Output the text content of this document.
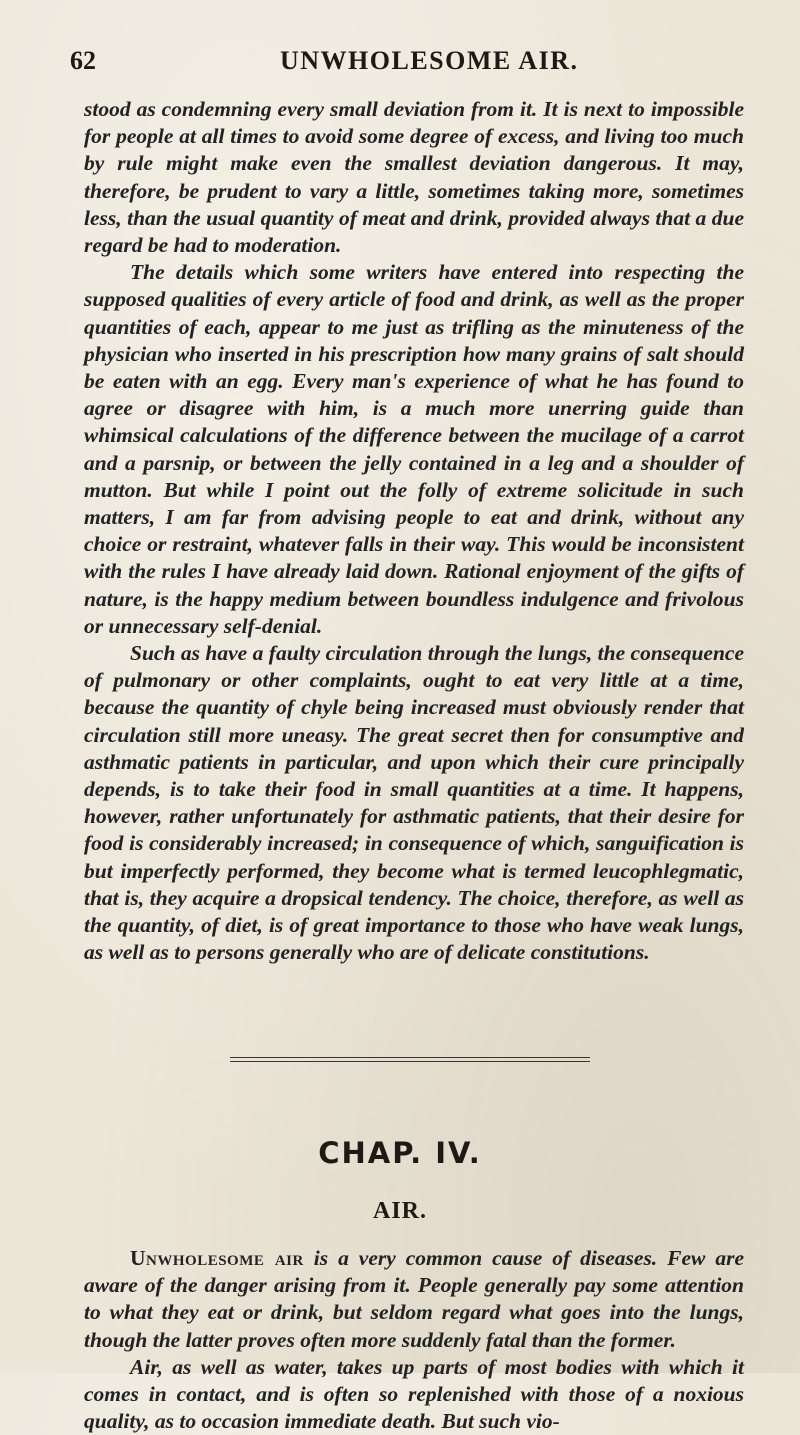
62	UNWHOLESOME AIR.

stood as condemning every small deviation from it. It is next to impossible for people at all times to avoid some degree of excess, and living too much by rule might make even the smallest deviation dangerous. It may, therefore, be prudent to vary a little, sometimes taking more, sometimes less, than the usual quantity of meat and drink, provided always that a due regard be had to moderation.

The details which some writers have entered into respecting the supposed qualities of every article of food and drink, as well as the proper quantities of each, appear to me just as trifling as the minuteness of the physician who inserted in his prescription how many grains of salt should be eaten with an egg. Every man's experience of what he has found to agree or disagree with him, is a much more unerring guide than whimsical calculations of the difference between the mucilage of a carrot and a parsnip, or between the jelly contained in a leg and a shoulder of mutton. But while I point out the folly of extreme solicitude in such matters, I am far from advising people to eat and drink, without any choice or restraint, whatever falls in their way. This would be inconsistent with the rules I have already laid down. Rational enjoyment of the gifts of nature, is the happy medium between boundless indulgence and frivolous or unnecessary self-denial.

Such as have a faulty circulation through the lungs, the consequence of pulmonary or other complaints, ought to eat very little at a time, because the quantity of chyle being increased must obviously render that circulation still more uneasy. The great secret then for consumptive and asthmatic patients in particular, and upon which their cure principally depends, is to take their food in small quantities at a time. It happens, however, rather unfortunately for asthmatic patients, that their desire for food is considerably increased; in consequence of which, sanguification is but imperfectly performed, they become what is termed leucophlegmatic, that is, they acquire a dropsical tendency. The choice, therefore, as well as the quantity, of diet, is of great importance to those who have weak lungs, as well as to persons generally who are of delicate constitutions.

CHAP. IV.
AIR.

Unwholesome air is a very common cause of diseases. Few are aware of the danger arising from it. People generally pay some attention to what they eat or drink, but seldom regard what goes into the lungs, though the latter proves often more suddenly fatal than the former.

Air, as well as water, takes up parts of most bodies with which it comes in contact, and is often so replenished with those of a noxious quality, as to occasion immediate death. But such vio-
